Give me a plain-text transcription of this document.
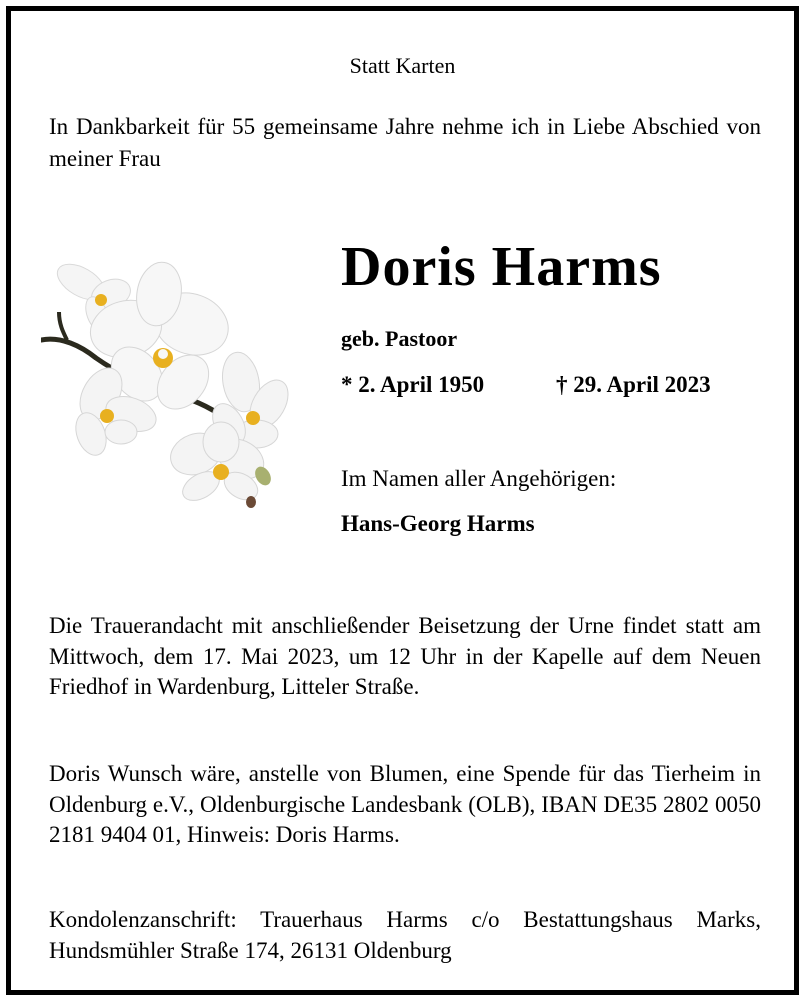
Statt Karten

In Dankbarkeit für 55 gemeinsame Jahre nehme ich in Liebe Abschied von meiner Frau

Doris Harms

geb. Pastoor

* 2. April 1950	† 29. April 2023

Im Namen aller Angehörigen:

Hans-Georg Harms

Die Trauerandacht mit anschließender Beisetzung der Urne findet statt am Mittwoch, dem 17. Mai 2023, um 12 Uhr in der Kapelle auf dem Neuen Friedhof in Wardenburg, Litteler Straße.

Doris Wunsch wäre, anstelle von Blumen, eine Spende für das Tierheim in Oldenburg e.V., Oldenburgische Landesbank (OLB), IBAN DE35 2802 0050 2181 9404 01, Hinweis: Doris Harms.

Kondolenzanschrift: Trauerhaus Harms c/o Bestattungshaus Marks, Hundsmühler Straße 174, 26131 Oldenburg
